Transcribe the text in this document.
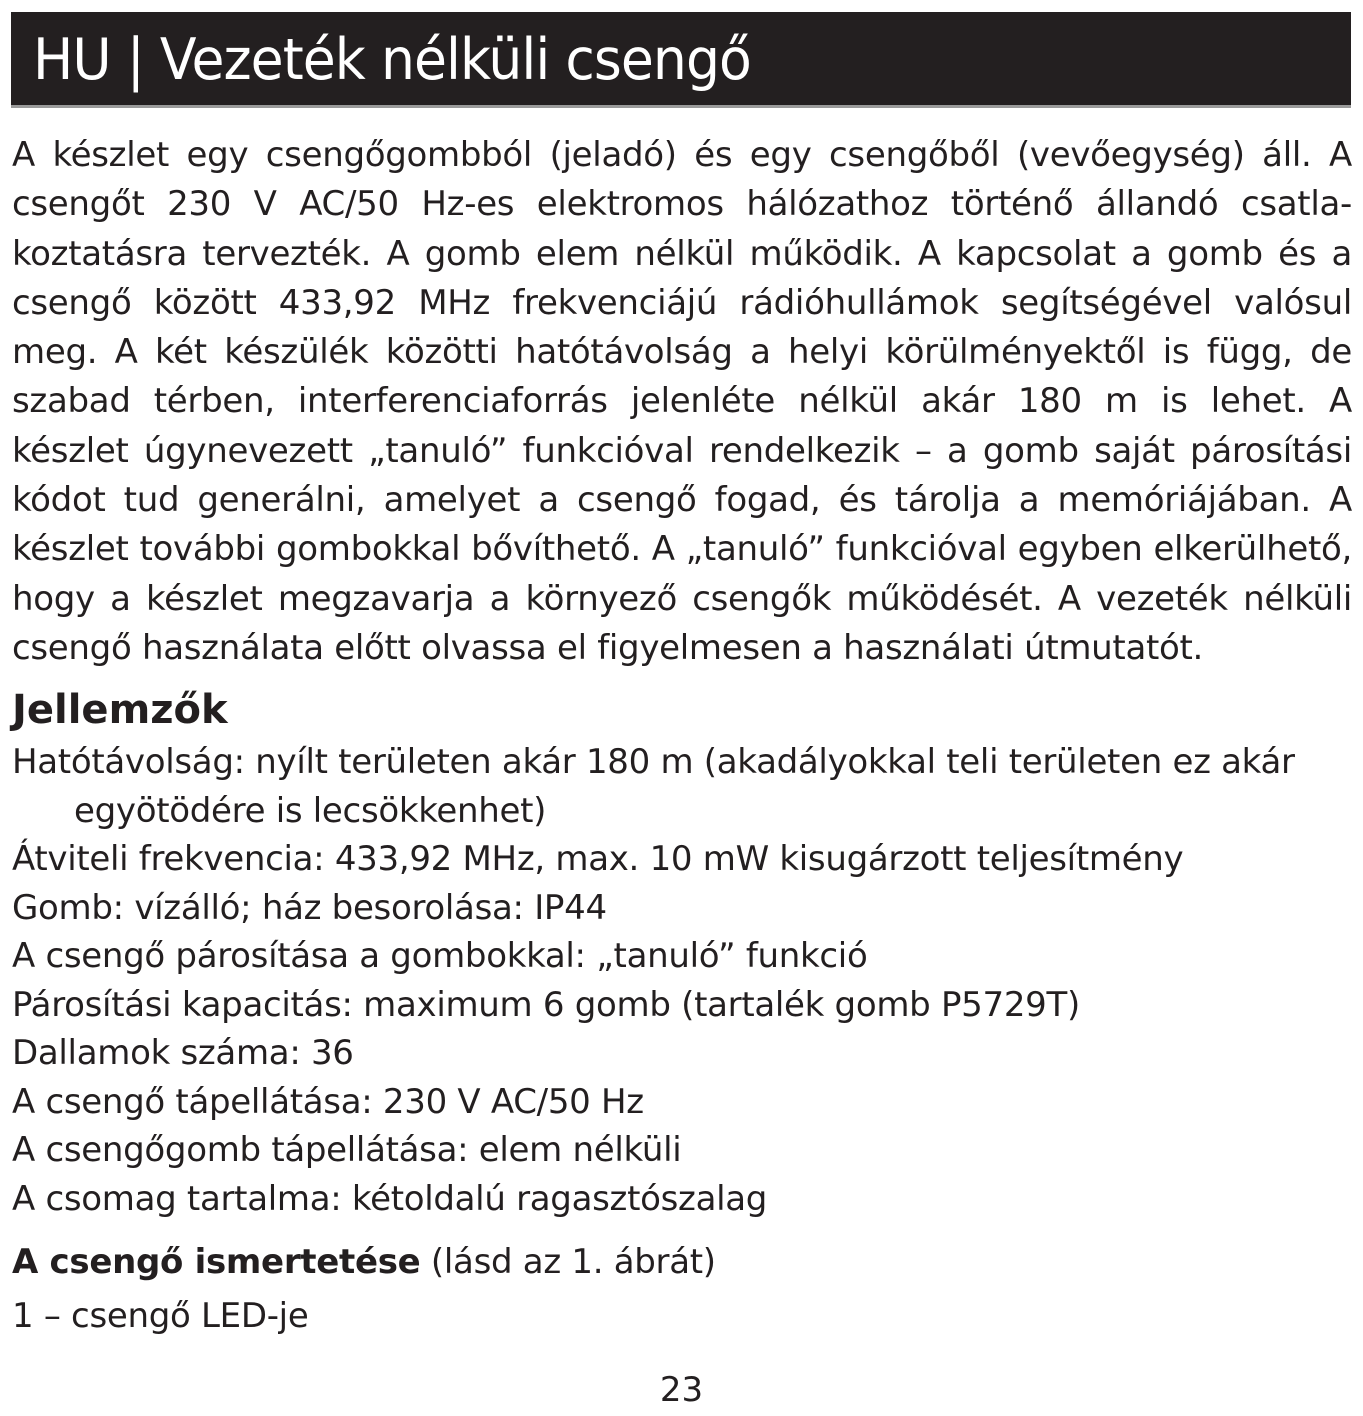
HU | Vezeték nélküli csengő

A készlet egy csengőgombból (jeladó) és egy csengőből (vevőegység) áll. A csengőt 230 V AC/50 Hz-es elektromos hálózathoz történő állandó csatla-koztatásra tervezték. A gomb elem nélkül működik. A kapcsolat a gomb és a csengő között 433,92 MHz frekvenciájú rádióhullámok segítségével valósul meg. A két készülék közötti hatótávolság a helyi körülményektől is függ, de szabad térben, interferenciaforrás jelenléte nélkül akár 180 m is lehet. A készlet úgynevezett „tanuló” funkcióval rendelkezik – a gomb saját párosítási kódot tud generálni, amelyet a csengő fogad, és tárolja a memóriájában. A készlet további gombokkal bővíthető. A „tanuló” funkcióval egyben elkerülhető, hogy a készlet megzavarja a környező csengők működését. A vezeték nélküli csengő használata előtt olvassa el figyelmesen a használati útmutatót.

Jellemzők
Hatótávolság: nyílt területen akár 180 m (akadályokkal teli területen ez akár egyötödére is lecsökkenhet)
Átviteli frekvencia: 433,92 MHz, max. 10 mW kisugárzott teljesítmény
Gomb: vízálló; ház besorolása: IP44
A csengő párosítása a gombokkal: „tanuló” funkció
Párosítási kapacitás: maximum 6 gomb (tartalék gomb P5729T)
Dallamok száma: 36
A csengő tápellátása: 230 V AC/50 Hz
A csengőgomb tápellátása: elem nélküli
A csomag tartalma: kétoldalú ragasztószalag

A csengő ismertetése (lásd az 1. ábrát)

1 – csengő LED-je

23
